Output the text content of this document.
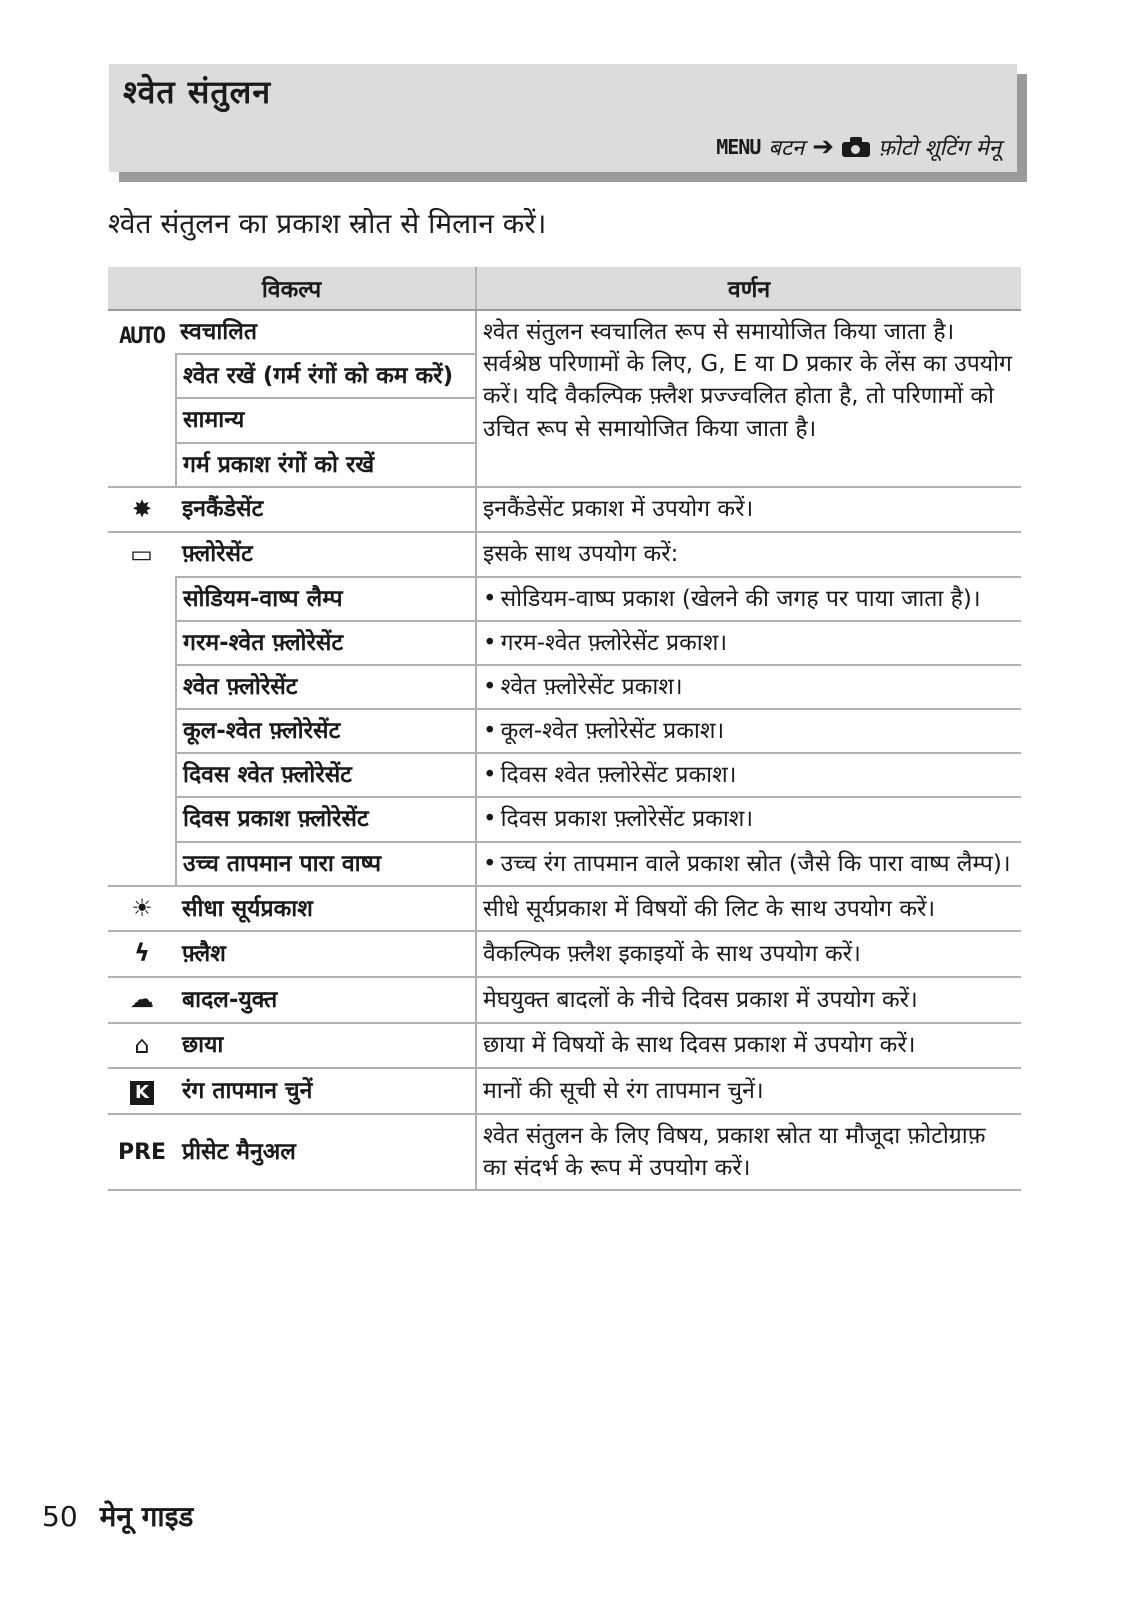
श्वेत संतुलन
MENU बटन ➔ फ़ोटो शूटिंग मेनू
श्वेत संतुलन का प्रकाश स्रोत से मिलान करें।
विकल्प		वर्णन
AUTO	स्वचालित	श्वेत संतुलन स्वचालित रूप से समायोजित किया जाता है। सर्वश्रेष्ठ परिणामों के लिए, G, E या D प्रकार के लेंस का उपयोग करें। यदि वैकल्पिक फ़्लैश प्रज्ज्वलित होता है, तो परिणामों को उचित रूप से समायोजित किया जाता है।
	श्वेत रखें (गर्म रंगों को कम करें)	
	सामान्य	
	गर्म प्रकाश रंगों को रखें	
✸	इनकैंडेसेंट	इनकैंडेसेंट प्रकाश में उपयोग करें।
▭	फ़्लोरेसेंट	इसके साथ उपयोग करें:
	सोडियम-वाष्प लैम्प	• सोडियम-वाष्प प्रकाश (खेलने की जगह पर पाया जाता है)।
	गरम-श्वेत फ़्लोरेसेंट	• गरम-श्वेत फ़्लोरेसेंट प्रकाश।
	श्वेत फ़्लोरेसेंट	• श्वेत फ़्लोरेसेंट प्रकाश।
	कूल-श्वेत फ़्लोरेसेंट	• कूल-श्वेत फ़्लोरेसेंट प्रकाश।
	दिवस श्वेत फ़्लोरेसेंट	• दिवस श्वेत फ़्लोरेसेंट प्रकाश।
	दिवस प्रकाश फ़्लोरेसेंट	• दिवस प्रकाश फ़्लोरेसेंट प्रकाश।
	उच्च तापमान पारा वाष्प	• उच्च रंग तापमान वाले प्रकाश स्रोत (जैसे कि पारा वाष्प लैम्प)।
☀	सीधा सूर्यप्रकाश	सीधे सूर्यप्रकाश में विषयों की लिट के साथ उपयोग करें।
ϟ	फ़्लैश	वैकल्पिक फ़्लैश इकाइयों के साथ उपयोग करें।
☁	बादल-युक्त	मेघयुक्त बादलों के नीचे दिवस प्रकाश में उपयोग करें।
⌂	छाया	छाया में विषयों के साथ दिवस प्रकाश में उपयोग करें।
K	रंग तापमान चुनें	मानों की सूची से रंग तापमान चुनें।
PRE	प्रीसेट मैनुअल	श्वेत संतुलन के लिए विषय, प्रकाश स्रोत या मौजूदा फ़ोटोग्राफ़ का संदर्भ के रूप में उपयोग करें।
50 मेनू गाइड
